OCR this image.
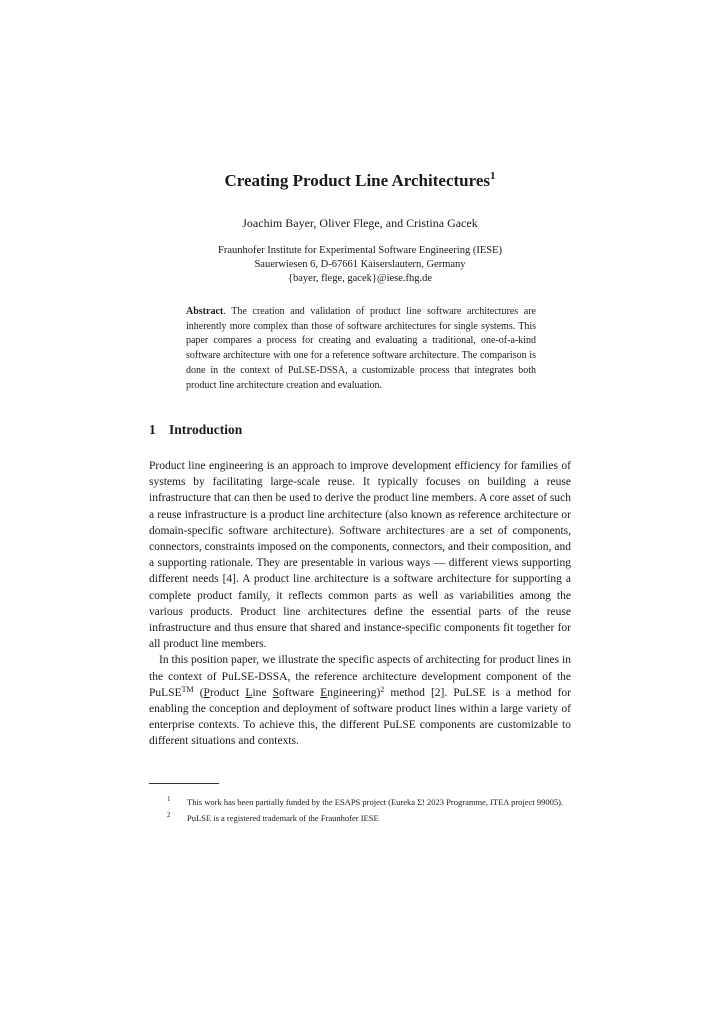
Creating Product Line Architectures$^1$
Joachim Bayer, Oliver Flege, and Cristina Gacek
Fraunhofer Institute for Experimental Software Engineering (IESE)
Sauerwiesen 6, D-67661 Kaiserslautern, Germany
{bayer, flege, gacek}@iese.fhg.de
Abstract. The creation and validation of product line software architectures are inherently more complex than those of software architectures for single systems. This paper compares a process for creating and evaluating a traditional, one-of-a-kind software architecture with one for a reference software architecture. The comparison is done in the context of PuLSE-DSSA, a customizable process that integrates both product line architecture creation and evaluation.
1 Introduction

Product line engineering is an approach to improve development efficiency for families of systems by facilitating large-scale reuse. It typically focuses on building a reuse infrastructure that can then be used to derive the product line members. A core asset of such a reuse infrastructure is a product line architecture (also known as reference architecture or domain-specific software architecture). Software architectures are a set of components, connectors, constraints imposed on the components, connectors, and their composition, and a supporting rationale. They are presentable in various ways — different views supporting different needs [4]. A product line architecture is a software architecture for supporting a complete product family, it reflects common parts as well as variabilities among the various products. Product line architectures define the essential parts of the reuse infrastructure and thus ensure that shared and instance-specific components fit together for all product line members.

In this position paper, we illustrate the specific aspects of architecting for product lines in the context of PuLSE-DSSA, the reference architecture development component of the PuLSE™ (Product Line Software Engineering)$^2$ method [2]. PuLSE is a method for enabling the conception and deployment of software product lines within a large variety of enterprise contexts. To achieve this, the different PuLSE components are customizable to different situations and contexts.

1 This work has been partially funded by the ESAPS project (Eureka Σ! 2023 Programme, ITEA project 99005).
2 PuLSE is a registered trademark of the Fraunhofer IESE
